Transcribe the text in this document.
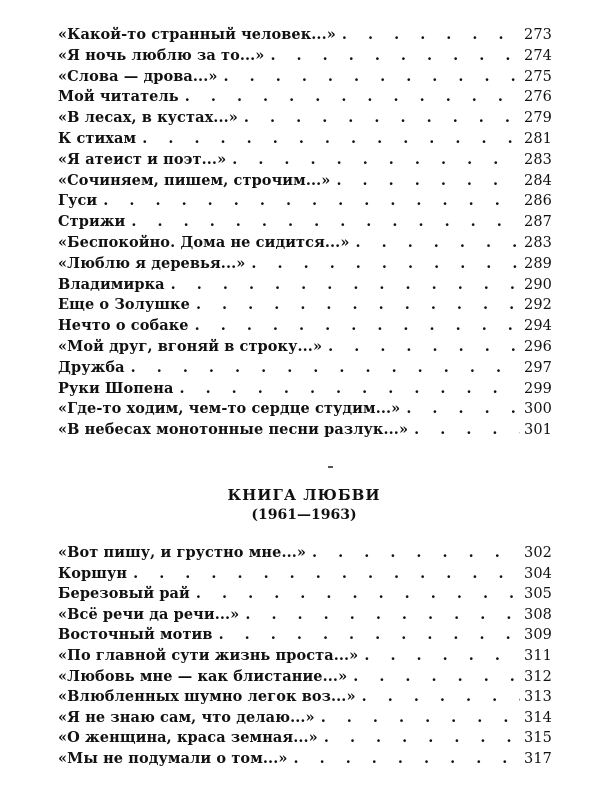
«Какой-то странный человек...» . . .	273
«Я ночь люблю за то...» . . .	274
«Слова — дрова...» . . .	275
Мой читатель . . .	276
«В лесах, в кустах...» . . .	279
К стихам . . .	281
«Я атеист и поэт...» . . .	283
«Сочиняем, пишем, строчим...» . . .	284
Гуси . . .	286
Стрижи . . .	287
«Беспокойно. Дома не сидится...» . . .	283
«Люблю я деревья...» . . .	289
Владимирка . . .	290
Еще о Золушке . . .	292
Нечто о собаке . . .	294
«Мой друг, вгоняй в строку...» . . .	296
Дружба . . .	297
Руки Шопена . . .	299
«Где-то ходим, чем-то сердце студим...» . . .	300
«В небесах монотонные песни разлук...» . . .	301
КНИГА ЛЮБВИ
(1961—1963)
«Вот пишу, и грустно мне...» . . .	302
Коршун . . .	304
Березовый рай . . .	305
«Всё речи да речи...» . . .	308
Восточный мотив . . .	309
«По главной сути жизнь проста...» . . .	311
«Любовь мне — как блистание...» . . .	312
«Влюбленных шумно легок воз...» . . .	313
«Я не знаю сам, что делаю...» . . .	314
«О женщина, краса земная...» . . .	315
«Мы не подумали о том...» . . .	317
